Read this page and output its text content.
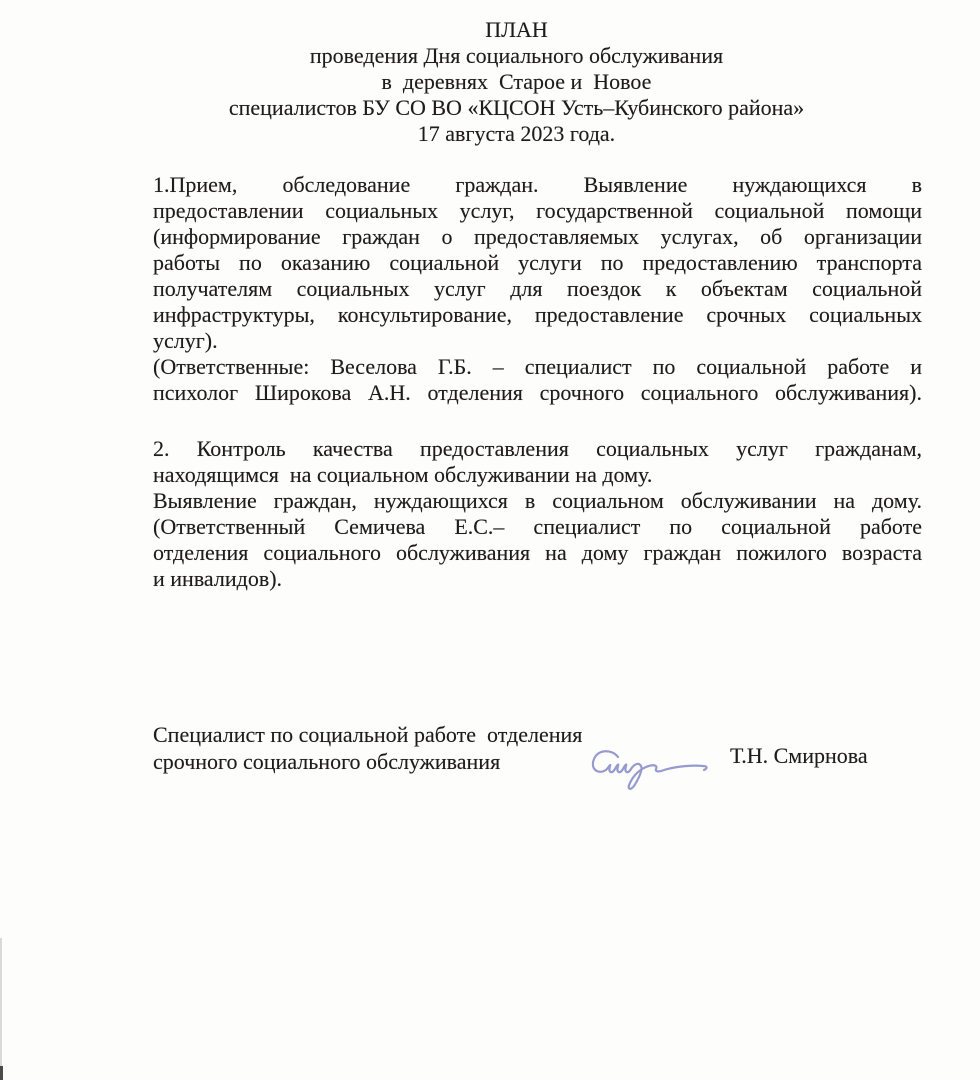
ПЛАН
проведения Дня социального обслуживания
в  деревнях  Старое и  Новое
специалистов БУ СО ВО «КЦСОН Усть–Кубинского района»
17 августа 2023 года.
1.Прием, обследование граждан. Выявление нуждающихся в
предоставлении социальных услуг, государственной социальной помощи
(информирование граждан о предоставляемых услугах, об организации
работы по оказанию социальной услуги по предоставлению транспорта
получателям социальных услуг для поездок к объектам социальной
инфраструктуры, консультирование, предоставление срочных социальных
услуг).
(Ответственные: Веселова Г.Б. – специалист по социальной работе и
психолог Широкова А.Н. отделения срочного социального обслуживания).
2. Контроль качества предоставления социальных услуг гражданам,
находящимся  на социальном обслуживании на дому.
Выявление граждан, нуждающихся в социальном обслуживании на дому.
(Ответственный Семичева Е.С.– специалист по социальной работе
отделения социального обслуживания на дому граждан пожилого возраста
и инвалидов).
Специалист по социальной работе  отделения
срочного социального обслуживания	Т.Н. Смирнова
